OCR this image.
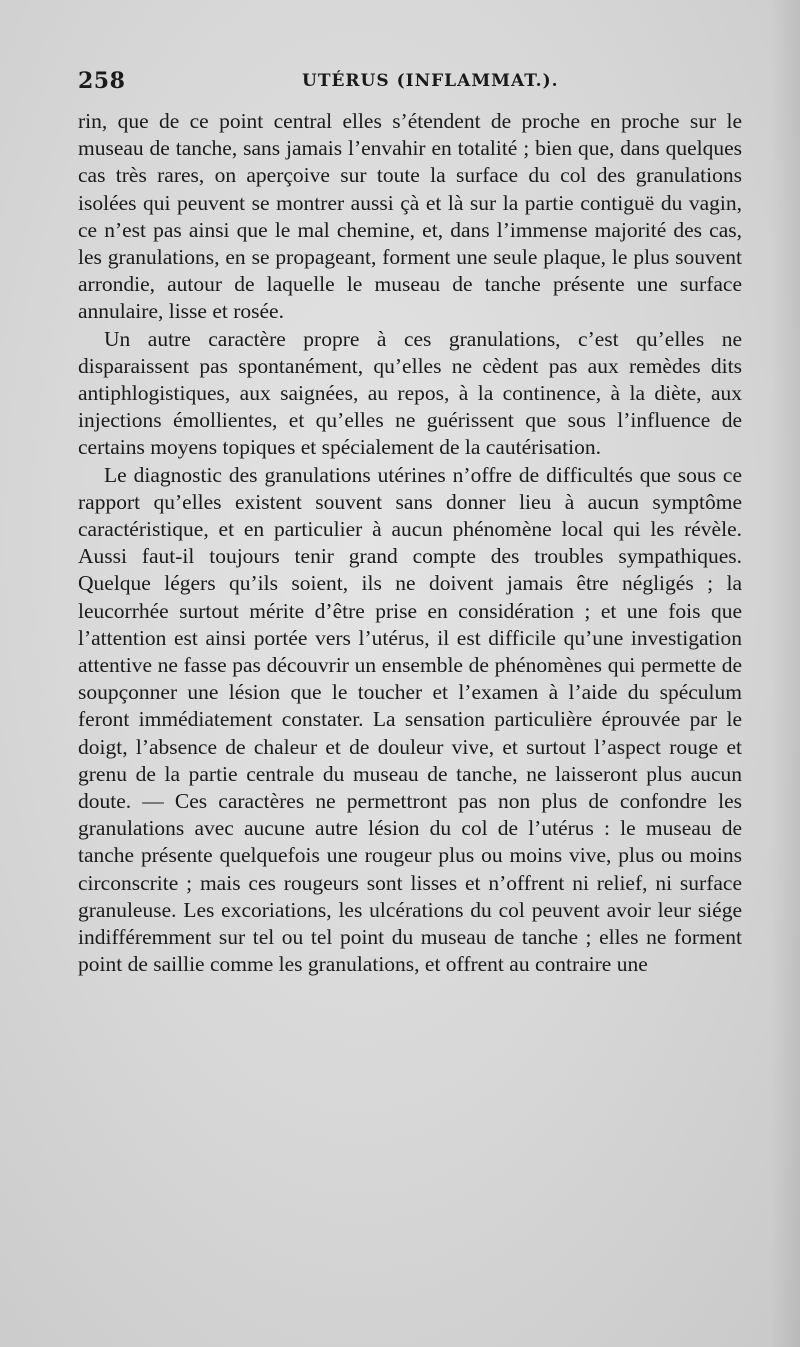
258	UTÉRUS (INFLAMMAT.).

rin, que de ce point central elles s’étendent de proche en proche sur le museau de tanche, sans jamais l’envahir en totalité ; bien que, dans quelques cas très rares, on aperçoive sur toute la surface du col des granulations isolées qui peuvent se montrer aussi çà et là sur la partie contiguë du vagin, ce n’est pas ainsi que le mal chemine, et, dans l’immense majorité des cas, les granulations, en se propageant, forment une seule plaque, le plus souvent arrondie, autour de laquelle le museau de tanche présente une surface annulaire, lisse et rosée.

Un autre caractère propre à ces granulations, c’est qu’elles ne disparaissent pas spontanément, qu’elles ne cèdent pas aux remèdes dits antiphlogistiques, aux saignées, au repos, à la continence, à la diète, aux injections émollientes, et qu’elles ne guérissent que sous l’influence de certains moyens topiques et spécialement de la cautérisation.

Le diagnostic des granulations utérines n’offre de difficultés que sous ce rapport qu’elles existent souvent sans donner lieu à aucun symptôme caractéristique, et en particulier à aucun phénomène local qui les révèle. Aussi faut-il toujours tenir grand compte des troubles sympathiques. Quelque légers qu’ils soient, ils ne doivent jamais être négligés ; la leucorrhée surtout mérite d’être prise en considération ; et une fois que l’attention est ainsi portée vers l’utérus, il est difficile qu’une investigation attentive ne fasse pas découvrir un ensemble de phénomènes qui permette de soupçonner une lésion que le toucher et l’examen à l’aide du spéculum feront immédiatement constater. La sensation particulière éprouvée par le doigt, l’absence de chaleur et de douleur vive, et surtout l’aspect rouge et grenu de la partie centrale du museau de tanche, ne laisseront plus aucun doute. — Ces caractères ne permettront pas non plus de confondre les granulations avec aucune autre lésion du col de l’utérus : le museau de tanche présente quelquefois une rougeur plus ou moins vive, plus ou moins circonscrite ; mais ces rougeurs sont lisses et n’offrent ni relief, ni surface granuleuse. Les excoriations, les ulcérations du col peuvent avoir leur siége indifféremment sur tel ou tel point du museau de tanche ; elles ne forment point de saillie comme les granulations, et offrent au contraire une
